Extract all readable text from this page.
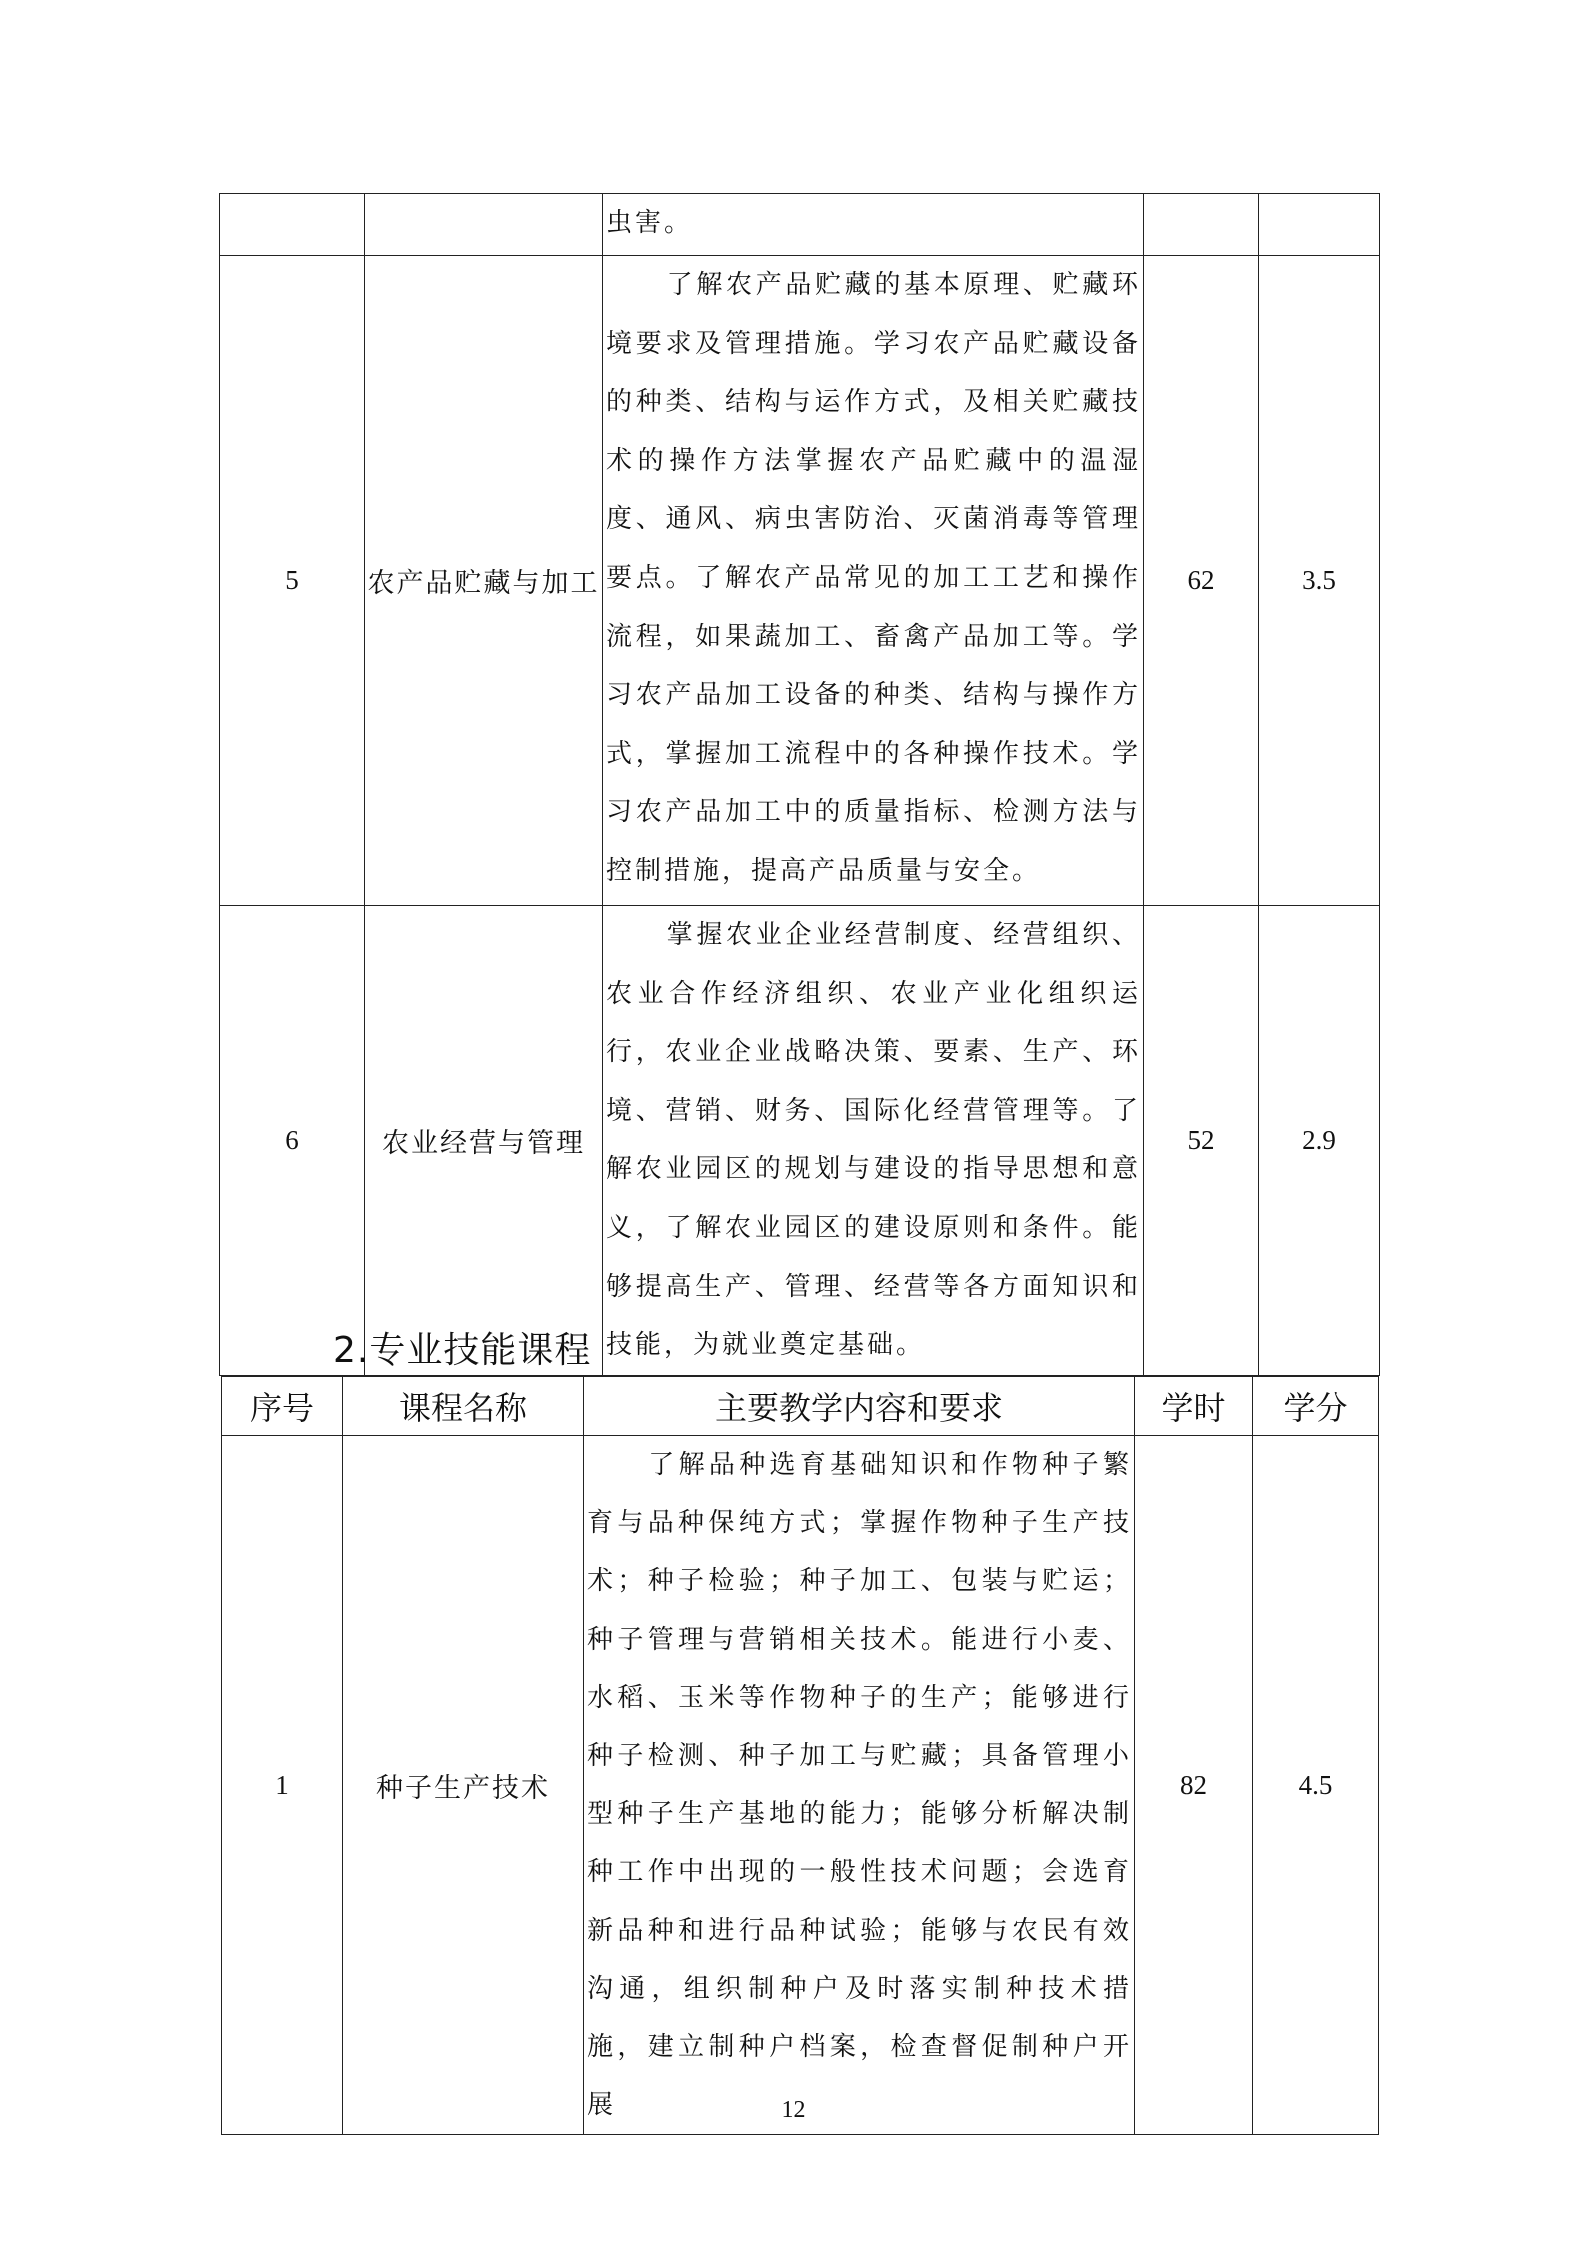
		虫害。		
5	农产品贮藏与加工	了解农产品贮藏的基本原理、贮藏环境要求及管理措施。学习农产品贮藏设备的种类、结构与运作方式，及相关贮藏技术的操作方法掌握农产品贮藏中的温湿度、通风、病虫害防治、灭菌消毒等管理要点。了解农产品常见的加工工艺和操作流程，如果蔬加工、畜禽产品加工等。学习农产品加工设备的种类、结构与操作方式，掌握加工流程中的各种操作技术。学习农产品加工中的质量指标、检测方法与控制措施，提高产品质量与安全。	62	3.5
6	农业经营与管理	掌握农业企业经营制度、经营组织、农业合作经济组织、农业产业化组织运行，农业企业战略决策、要素、生产、环境、营销、财务、国际化经营管理等。了解农业园区的规划与建设的指导思想和意义，了解农业园区的建设原则和条件。能够提高生产、管理、经营等各方面知识和技能，为就业奠定基础。	52	2.9
2.专业技能课程
序号	课程名称	主要教学内容和要求	学时	学分
1	种子生产技术	了解品种选育基础知识和作物种子繁育与品种保纯方式；掌握作物种子生产技术；种子检验；种子加工、包装与贮运；种子管理与营销相关技术。能进行小麦、水稻、玉米等作物种子的生产；能够进行种子检测、种子加工与贮藏；具备管理小型种子生产基地的能力；能够分析解决制种工作中出现的一般性技术问题；会选育新品种和进行品种试验；能够与农民有效沟通，组织制种户及时落实制种技术措施，建立制种户档案，检查督促制种户开展	82	4.5
12
